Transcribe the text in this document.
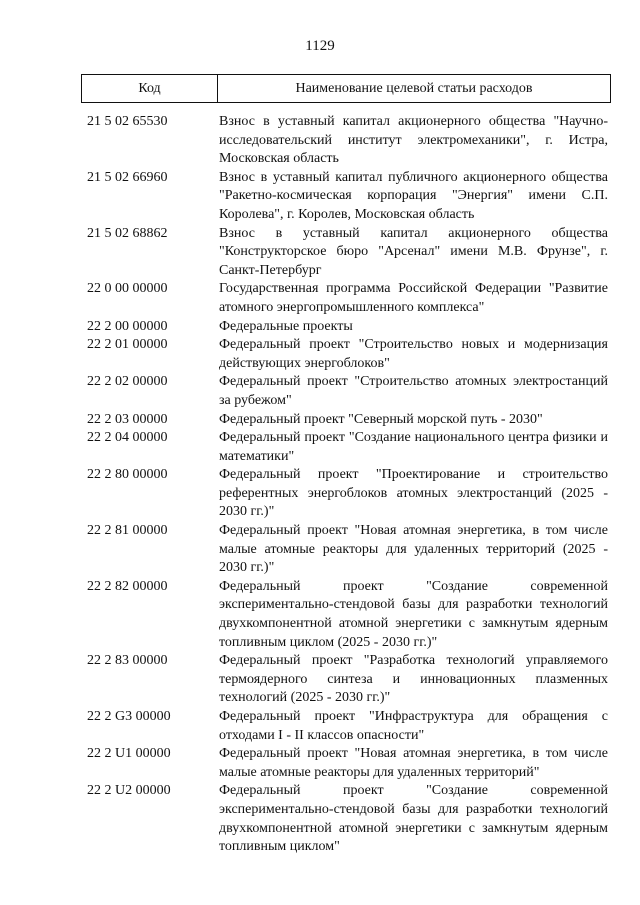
1129
Код	Наименование целевой статьи расходов
21 5 02 65530	Взнос в уставный капитал акционерного общества "Научно-исследовательский институт электромеханики", г. Истра, Московская область
21 5 02 66960	Взнос в уставный капитал публичного акционерного общества "Ракетно-космическая корпорация "Энергия" имени С.П. Королева", г. Королев, Московская область
21 5 02 68862	Взнос в уставный капитал акционерного общества "Конструкторское бюро "Арсенал" имени М.В. Фрунзе", г. Санкт-Петербург
22 0 00 00000	Государственная программа Российской Федерации "Развитие атомного энергопромышленного комплекса"
22 2 00 00000	Федеральные проекты
22 2 01 00000	Федеральный проект "Строительство новых и модернизация действующих энергоблоков"
22 2 02 00000	Федеральный проект "Строительство атомных электростанций за рубежом"
22 2 03 00000	Федеральный проект "Северный морской путь - 2030"
22 2 04 00000	Федеральный проект "Создание национального центра физики и математики"
22 2 80 00000	Федеральный проект "Проектирование и строительство референтных энергоблоков атомных электростанций (2025 - 2030 гг.)"
22 2 81 00000	Федеральный проект "Новая атомная энергетика, в том числе малые атомные реакторы для удаленных территорий (2025 - 2030 гг.)"
22 2 82 00000	Федеральный проект "Создание современной экспериментально-стендовой базы для разработки технологий двухкомпонентной атомной энергетики с замкнутым ядерным топливным циклом (2025 - 2030 гг.)"
22 2 83 00000	Федеральный проект "Разработка технологий управляемого термоядерного синтеза и инновационных плазменных технологий (2025 - 2030 гг.)"
22 2 G3 00000	Федеральный проект "Инфраструктура для обращения с отходами I - II классов опасности"
22 2 U1 00000	Федеральный проект "Новая атомная энергетика, в том числе малые атомные реакторы для удаленных территорий"
22 2 U2 00000	Федеральный проект "Создание современной экспериментально-стендовой базы для разработки технологий двухкомпонентной атомной энергетики с замкнутым ядерным топливным циклом"
